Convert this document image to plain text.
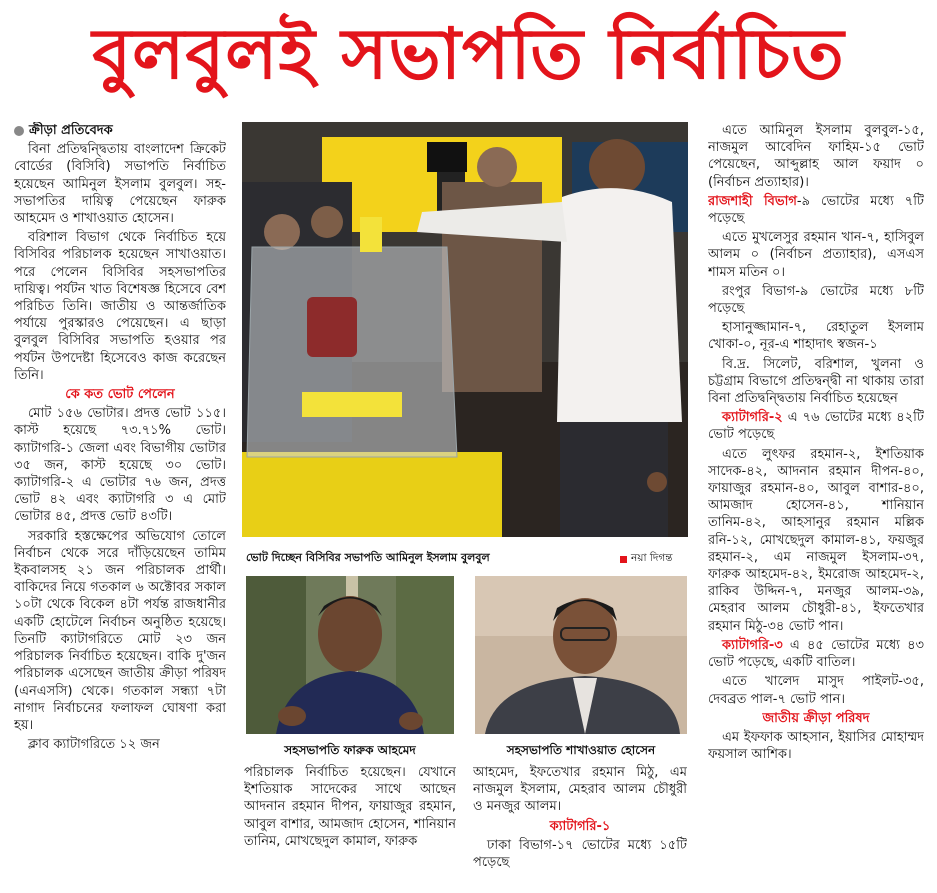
বুলবুলই সভাপতি নির্বাচিত
ক্রীড়া প্রতিবেদক

বিনা প্রতিদ্বন্দ্বিতায় বাংলাদেশ ক্রিকেট বোর্ডের (বিসিবি) সভাপতি নির্বাচিত হয়েছেন আমিনুল ইসলাম বুলবুল। সহ-সভাপতির দায়িত্ব পেয়েছেন ফারুক আহমেদ ও শাখাওয়াত হোসেন।

বরিশাল বিভাগ থেকে নির্বাচিত হয়ে বিসিবির পরিচালক হয়েছেন সাখাওয়াত। পরে পেলেন বিসিবির সহসভাপতির দায়িত্ব। পর্যটন খাত বিশেষজ্ঞ হিসেবে বেশ পরিচিত তিনি। জাতীয় ও আন্তর্জাতিক পর্যায়ে পুরস্কারও পেয়েছেন। এ ছাড়া বুলবুল বিসিবির সভাপতি হওয়ার পর পর্যটন উপদেষ্টা হিসেবেও কাজ করেছেন তিনি।

কে কত ভোট পেলেন

মোট ১৫৬ ভোটার। প্রদত্ত ভোট ১১৫। কাস্ট হয়েছে ৭৩.৭১% ভোট। ক্যাটাগরি-১ জেলা এবং বিভাগীয় ভোটার ৩৫ জন, কাস্ট হয়েছে ৩০ ভোট। ক্যাটাগরি-২ এ ভোটার ৭৬ জন, প্রদত্ত ভোট ৪২ এবং ক্যাটাগরি ৩ এ মোট ভোটার ৪৫, প্রদত্ত ভোট ৪৩টি।

সরকারি হস্তক্ষেপের অভিযোগ তোলে নির্বাচন থেকে সরে দাঁড়িয়েছেন তামিম ইকবালসহ ২১ জন পরিচালক প্রার্থী। বাকিদের নিয়ে গতকাল ৬ অক্টোবর সকাল ১০টা থেকে বিকেল ৪টা পর্যন্ত রাজধানীর একটি হোটেলে নির্বাচন অনুষ্ঠিত হয়েছে। তিনটি ক্যাটাগরিতে মোট ২৩ জন পরিচালক নির্বাচিত হয়েছেন। বাকি দু'জন পরিচালক এসেছেন জাতীয় ক্রীড়া পরিষদ (এনএসসি) থেকে। গতকাল সন্ধ্যা ৭টা নাগাদ নির্বাচনের ফলাফল ঘোষণা করা হয়।

ক্লাব ক্যাটাগরিতে ১২ জন

ভোট দিচ্ছেন বিসিবির সভাপতি আমিনুল ইসলাম বুলবুল	নয়া দিগন্ত
সহসভাপতি ফারুক আহমেদ	সহসভাপতি শাখাওয়াত হোসেন

পরিচালক নির্বাচিত হয়েছেন। যেখানে ইশতিয়াক সাদেকের সাথে আছেন আদনান রহমান দীপন, ফায়াজুর রহমান, আবুল বাশার, আমজাদ হোসেন, শানিয়ান তানিম, মোখছেদুল কামাল, ফারুক

আহমেদ, ইফতেখার রহমান মিঠু, এম নাজমুল ইসলাম, মেহরাব আলম চৌধুরী ও মনজুর আলম।

ক্যাটাগরি-১

ঢাকা বিভাগ-১৭ ভোটের মধ্যে ১৫টি পড়েছে

এতে আমিনুল ইসলাম বুলবুল-১৫, নাজমুল আবেদিন ফাহিম-১৫ ভোট পেয়েছেন, আব্দুল্লাহ আল ফয়াদ ০ (নির্বাচন প্রত্যাহার)।

রাজশাহী বিভাগ-৯ ভোটের মধ্যে ৭টি পড়েছে

এতে মুখলেসুর রহমান খান-৭, হাসিবুল আলম ০ (নির্বাচন প্রত্যাহার), এসএস শামস মতিন ০।

রংপুর বিভাগ-৯ ভোটের মধ্যে ৮টি পড়েছে

হাসানুজ্জামান-৭, রেহাতুল ইসলাম খোকা-০, নূর-এ শাহাদাৎ স্বজন-১

বি.দ্র. সিলেট, বরিশাল, খুলনা ও চট্টগ্রাম বিভাগে প্রতিদ্বন্দ্বী না থাকায় তারা বিনা প্রতিদ্বন্দ্বিতায় নির্বাচিত হয়েছেন

ক্যাটাগরি-২ এ ৭৬ ভোটের মধ্যে ৪২টি ভোট পড়েছে

এতে লুৎফর রহমান-২, ইশতিয়াক সাদেক-৪২, আদনান রহমান দীপন-৪০, ফায়াজুর রহমান-৪০, আবুল বাশার-৪০, আমজাদ হোসেন-৪১, শানিয়ান তানিম-৪২, আহসানুর রহমান মল্লিক রনি-১২, মোখছেদুল কামাল-৪১, ফয়জুর রহমান-২, এম নাজমুল ইসলাম-৩৭, ফারুক আহমেদ-৪২, ইমরোজ আহমেদ-২, রাকিব উদ্দিন-৭, মনজুর আলম-৩৯, মেহরাব আলম চৌধুরী-৪১, ইফতেখার রহমান মিঠু-৩৪ ভোট পান।

ক্যাটাগরি-৩ এ ৪৫ ভোটের মধ্যে ৪৩ ভোট পড়েছে, একটি বাতিল।

এতে খালেদ মাসুদ পাইলট-৩৫, দেবব্রত পাল-৭ ভোট পান।

জাতীয় ক্রীড়া পরিষদ

এম ইফফাক আহসান, ইয়াসির মোহাম্মদ ফয়সাল আশিক।
